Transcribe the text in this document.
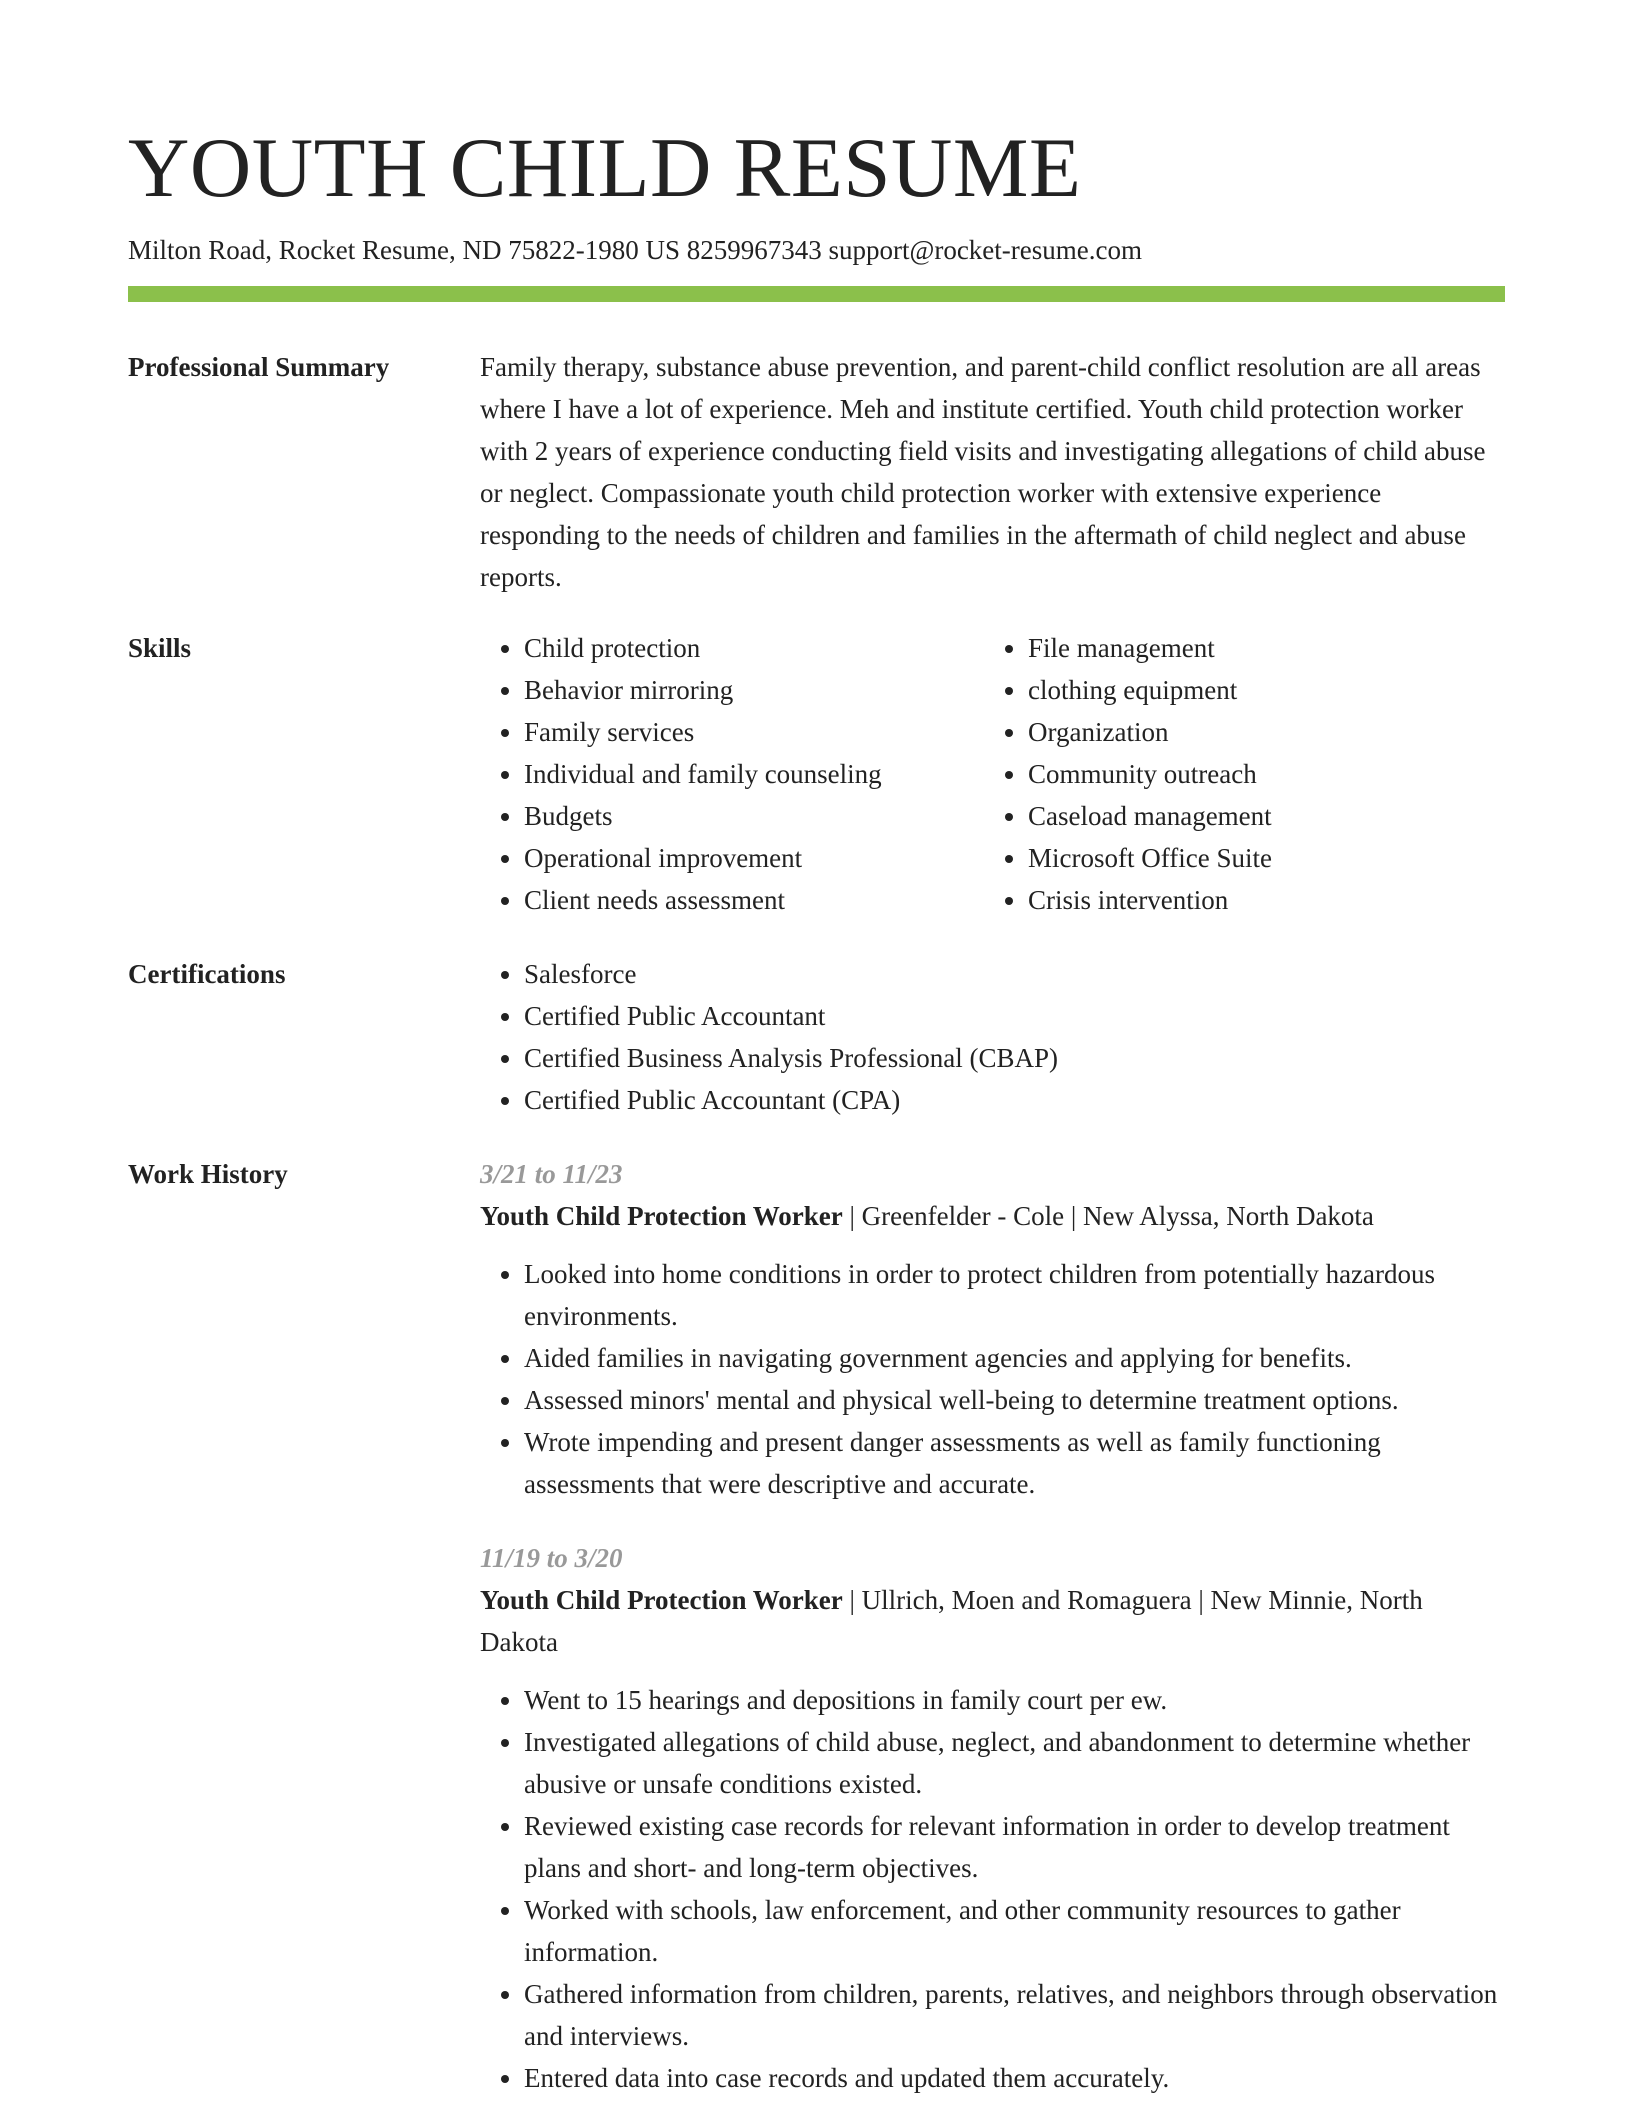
YOUTH CHILD RESUME
Milton Road, Rocket Resume, ND 75822-1980 US 8259967343 support@rocket-resume.com
Professional Summary	Family therapy, substance abuse prevention, and parent-child conflict resolution are all areas where I have a lot of experience. Meh and institute certified. Youth child protection worker with 2 years of experience conducting field visits and investigating allegations of child abuse or neglect. Compassionate youth child protection worker with extensive experience responding to the needs of children and families in the aftermath of child neglect and abuse reports.

Skills	• Child protection
• Behavior mirroring
• Family services
• Individual and family counseling
• Budgets
• Operational improvement
• Client needs assessment
• File management
• clothing equipment
• Organization
• Community outreach
• Caseload management
• Microsoft Office Suite
• Crisis intervention
Certifications	• Salesforce
• Certified Public Accountant
• Certified Business Analysis Professional (CBAP)
• Certified Public Accountant (CPA)
Work History	3/21 to 11/23
Youth Child Protection Worker | Greenfelder - Cole | New Alyssa, North Dakota
• Looked into home conditions in order to protect children from potentially hazardous environments.
• Aided families in navigating government agencies and applying for benefits.
• Assessed minors' mental and physical well-being to determine treatment options.
• Wrote impending and present danger assessments as well as family functioning assessments that were descriptive and accurate.
11/19 to 3/20
Youth Child Protection Worker | Ullrich, Moen and Romaguera | New Minnie, North Dakota
• Went to 15 hearings and depositions in family court per ew.
• Investigated allegations of child abuse, neglect, and abandonment to determine whether abusive or unsafe conditions existed.
• Reviewed existing case records for relevant information in order to develop treatment plans and short- and long-term objectives.
• Worked with schools, law enforcement, and other community resources to gather information.
• Gathered information from children, parents, relatives, and neighbors through observation and interviews.
• Entered data into case records and updated them accurately.
